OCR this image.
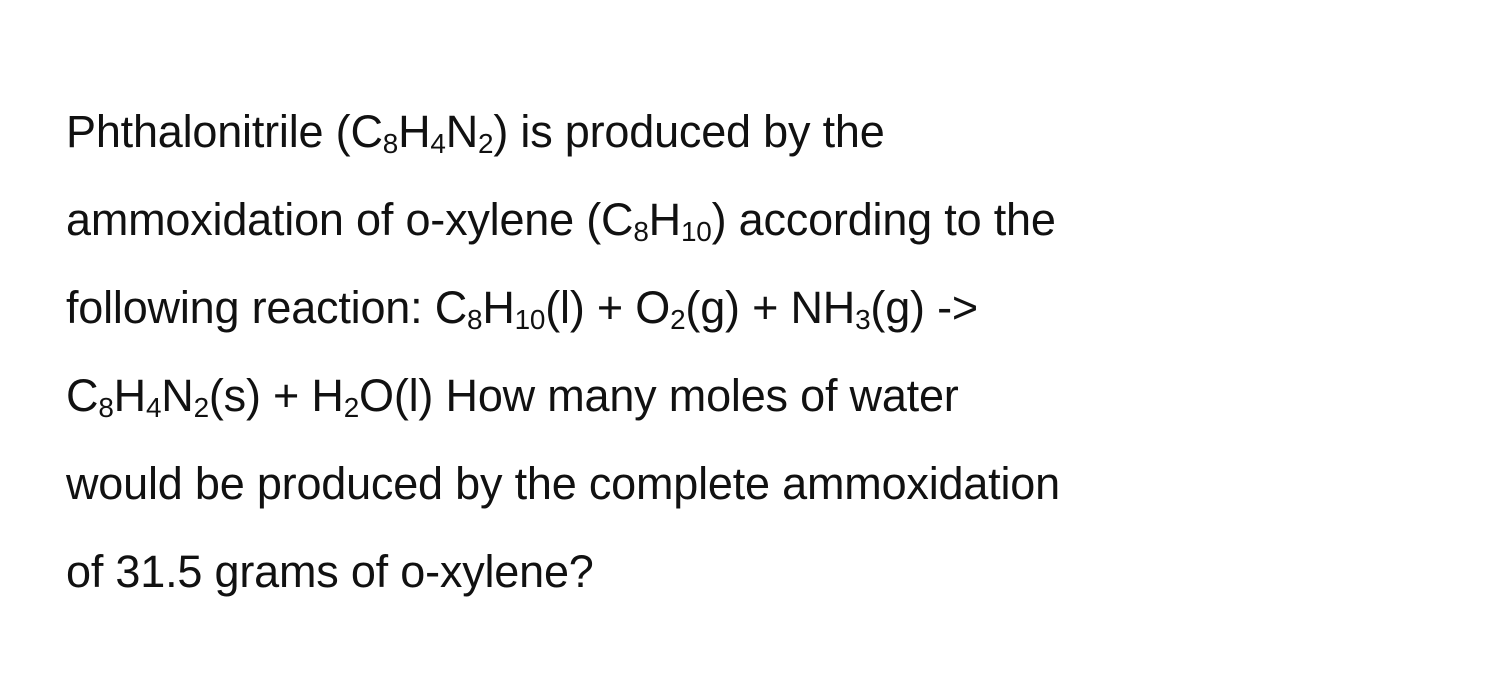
Phthalonitrile $(C_8H_4N_2)$ is produced by the
ammoxidation of o-xylene $(C_8H_{10})$ according to the
following reaction: $C_8H_{10}(l) + O_2(g) + NH_3(g)$ ->
$C_8H_4N_2(s) + H_2O(l)$ How many moles of water
would be produced by the complete ammoxidation
of 31.5 grams of o-xylene?
